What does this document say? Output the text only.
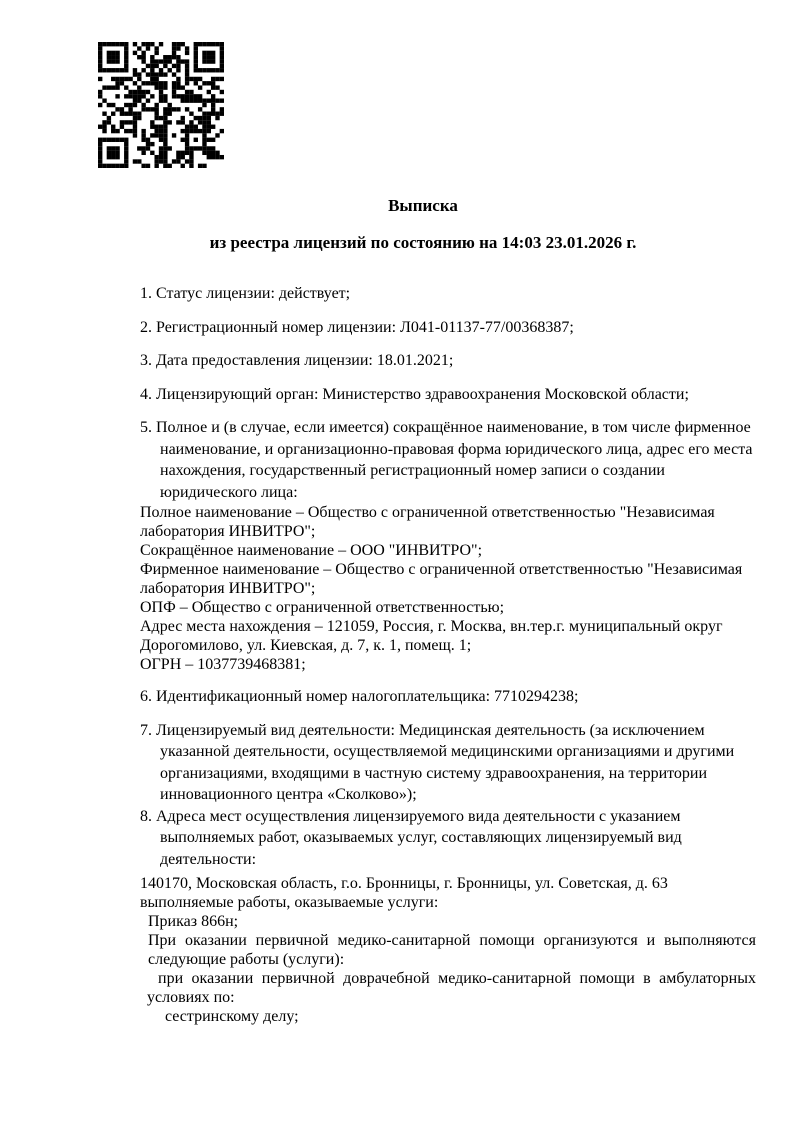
Выписка
из реестра лицензий по состоянию на 14:03 23.01.2026 г.

1. Статус лицензии: действует;

2. Регистрационный номер лицензии: Л041-01137-77/00368387;

3. Дата предоставления лицензии: 18.01.2021;

4. Лицензирующий орган: Министерство здравоохранения Московской области;

5. Полное и (в случае, если имеется) сокращённое наименование, в том числе фирменное наименование, и организационно-правовая форма юридического лица, адрес его места нахождения, государственный регистрационный номер записи о создании юридического лица:

Полное наименование – Общество с ограниченной ответственностью "Независимая лаборатория ИНВИТРО";

Сокращённое наименование – ООО "ИНВИТРО";

Фирменное наименование – Общество с ограниченной ответственностью "Независимая лаборатория ИНВИТРО";

ОПФ – Общество с ограниченной ответственностью;

Адрес места нахождения – 121059, Россия, г. Москва, вн.тер.г. муниципальный округ Дорогомилово, ул. Киевская, д. 7, к. 1, помещ. 1;

ОГРН – 1037739468381;

6. Идентификационный номер налогоплательщика: 7710294238;

7. Лицензируемый вид деятельности: Медицинская деятельность (за исключением указанной деятельности, осуществляемой медицинскими организациями и другими организациями, входящими в частную систему здравоохранения, на территории инновационного центра «Сколково»);

8. Адреса мест осуществления лицензируемого вида деятельности с указанием выполняемых работ, оказываемых услуг, составляющих лицензируемый вид деятельности:

140170, Московская область, г.о. Бронницы, г. Бронницы, ул. Советская, д. 63

выполняемые работы, оказываемые услуги:

Приказ 866н;

При оказании первичной медико-санитарной помощи организуются и выполняются следующие работы (услуги):

при оказании первичной доврачебной медико-санитарной помощи в амбулаторных условиях по:

сестринскому делу;
